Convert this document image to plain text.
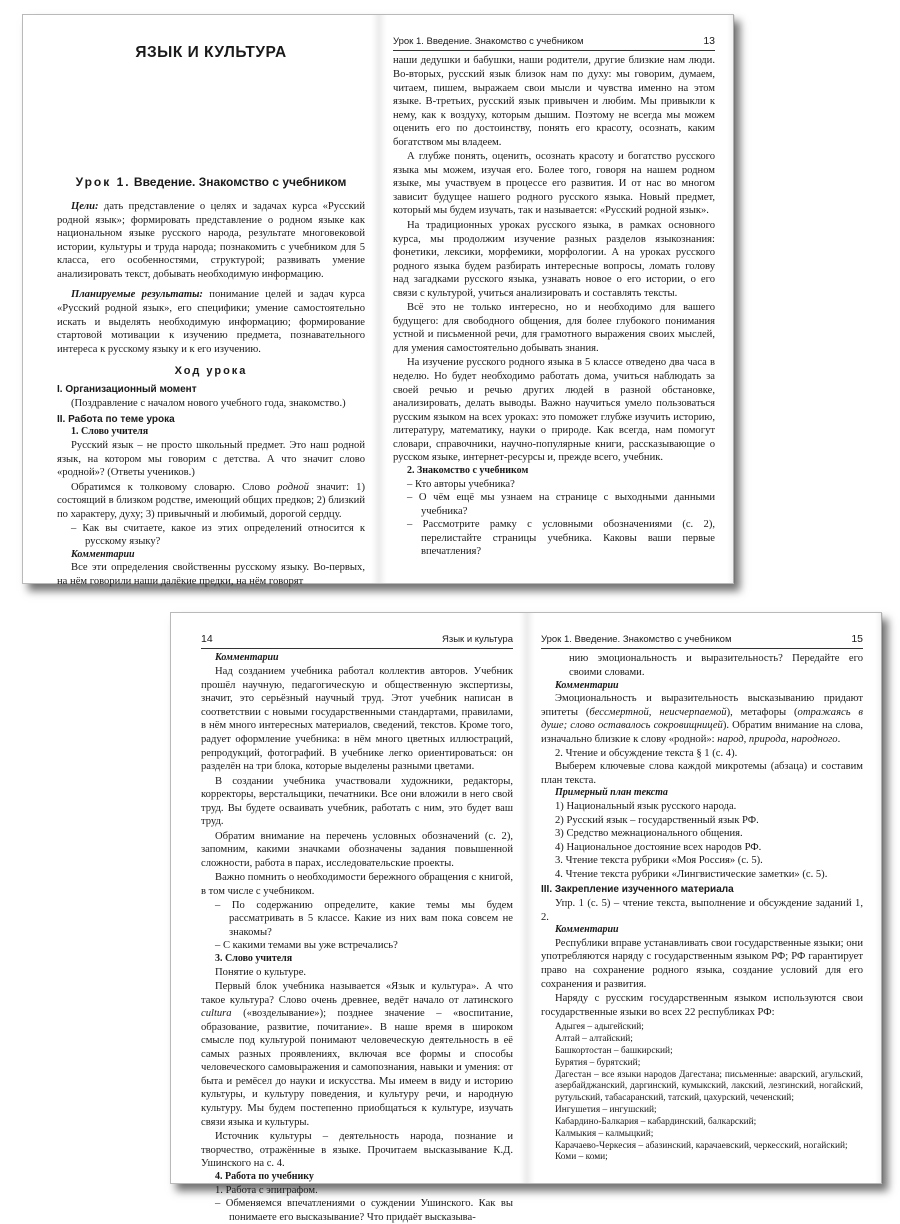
ЯЗЫК И КУЛЬТУРА
Урок 1. Введение. Знакомство с учебником

Цели: дать представление о целях и задачах курса «Русский родной язык»; формировать представление о родном языке как национальном языке русского народа, результате многовековой истории, культуры и труда народа; познакомить с учебником для 5 класса, его особенностями, структурой; развивать умение анализировать текст, добывать необходимую информацию.

Планируемые результаты: понимание целей и задач курса «Русский родной язык», его специфики; умение самостоятельно искать и выделять необходимую информацию; формирование стартовой мотивации к изучению предмета, познавательного интереса к русскому языку и к его изучению.

Ход урока
I. Организационный момент

(Поздравление с началом нового учебного года, знакомство.)

II. Работа по теме урока
1. Слово учителя

Русский язык – не просто школьный предмет. Это наш родной язык, на котором мы говорим с детства. А что значит слово «родной»? (Ответы учеников.)

Обратимся к толковому словарю. Слово родной значит: 1) состоящий в близком родстве, имеющий общих предков; 2) близкий по характеру, духу; 3) привычный и любимый, дорогой сердцу.

– Как вы считаете, какое из этих определений относится к русскому языку?

Комментарии

Все эти определения свойственны русскому языку. Во-первых, на нём говорили наши далёкие предки, на нём говорят

Урок 1. Введение. Знакомство с учебником	13

наши дедушки и бабушки, наши родители, другие близкие нам люди. Во-вторых, русский язык близок нам по духу: мы говорим, думаем, читаем, пишем, выражаем свои мысли и чувства именно на этом языке. В-третьих, русский язык привычен и любим. Мы привыкли к нему, как к воздуху, которым дышим. Поэтому не всегда мы можем оценить его по достоинству, понять его красоту, осознать, каким богатством мы владеем.

А глубже понять, оценить, осознать красоту и богатство русского языка мы можем, изучая его. Более того, говоря на нашем родном языке, мы участвуем в процессе его развития. И от нас во многом зависит будущее нашего родного русского языка. Новый предмет, который мы будем изучать, так и называется: «Русский родной язык».

На традиционных уроках русского языка, в рамках основного курса, мы продолжим изучение разных разделов языкознания: фонетики, лексики, морфемики, морфологии. А на уроках русского родного языка будем разбирать интересные вопросы, ломать голову над загадками русского языка, узнавать новое о его истории, о его связи с культурой, учиться анализировать и составлять тексты.

Всё это не только интересно, но и необходимо для вашего будущего: для свободного общения, для более глубокого понимания устной и письменной речи, для грамотного выражения своих мыслей, для умения самостоятельно добывать знания.

На изучение русского родного языка в 5 классе отведено два часа в неделю. Но будет необходимо работать дома, учиться наблюдать за своей речью и речью других людей в разной обстановке, анализировать, делать выводы. Важно научиться умело пользоваться русским языком на всех уроках: это поможет глубже изучить историю, литературу, математику, науки о природе. Как всегда, нам помогут словари, справочники, научно-популярные книги, рассказывающие о русском языке, интернет-ресурсы и, прежде всего, учебник.

2. Знакомство с учебником

– Кто авторы учебника?

– О чём ещё мы узнаем на странице с выходными данными учебника?

– Рассмотрите рамку с условными обозначениями (с. 2), перелистайте страницы учебника. Каковы ваши первые впечатления?

14	Язык и культура
Комментарии

Над созданием учебника работал коллектив авторов. Учебник прошёл научную, педагогическую и общественную экспертизы, значит, это серьёзный научный труд. Этот учебник написан в соответствии с новыми государственными стандартами, правилами, в нём много интересных материалов, сведений, текстов. Кроме того, радует оформление учебника: в нём много цветных иллюстраций, репродукций, фотографий. В учебнике легко ориентироваться: он разделён на три блока, которые выделены разными цветами.

В создании учебника участвовали художники, редакторы, корректоры, верстальщики, печатники. Все они вложили в него свой труд. Вы будете осваивать учебник, работать с ним, это будет ваш труд.

Обратим внимание на перечень условных обозначений (с. 2), запомним, какими значками обозначены задания повышенной сложности, работа в парах, исследовательские проекты.

Важно помнить о необходимости бережного обращения с книгой, в том числе с учебником.

– По содержанию определите, какие темы мы будем рассматривать в 5 классе. Какие из них вам пока совсем не знакомы?

– С какими темами вы уже встречались?

3. Слово учителя

Понятие о культуре.

Первый блок учебника называется «Язык и культура». А что такое культура? Слово очень древнее, ведёт начало от латинского cultura («возделывание»); позднее значение – «воспитание, образование, развитие, почитание». В наше время в широком смысле под культурой понимают человеческую деятельность в её самых разных проявлениях, включая все формы и способы человеческого самовыражения и самопознания, навыки и умения: от быта и ремёсел до науки и искусства. Мы имеем в виду и историю культуры, и культуру поведения, и культуру речи, и народную культуру. Мы будем постепенно приобщаться к культуре, изучать связи языка и культуры.

Источник культуры – деятельность народа, познание и творчество, отражённые в языке. Прочитаем высказывание К.Д. Ушинского на с. 4.

4. Работа по учебнику
1. Работа с эпиграфом.

– Обменяемся впечатлениями о суждении Ушинского. Как вы понимаете его высказывание? Что придаёт высказыва-

Урок 1. Введение. Знакомство с учебником	15

нию эмоциональность и выразительность? Передайте его своими словами.

Комментарии

Эмоциональность и выразительность высказыванию придают эпитеты (бессмертной, неисчерпаемой), метафоры (отражаясь в душе; слово оставалось сокровищницей). Обратим внимание на слова, изначально близкие к слову «родной»: народ, природа, народного.

2. Чтение и обсуждение текста § 1 (с. 4).

Выберем ключевые слова каждой микротемы (абзаца) и составим план текста.

Примерный план текста
1) Национальный язык русского народа.
2) Русский язык – государственный язык РФ.
3) Средство межнационального общения.
4) Национальное достояние всех народов РФ.
3. Чтение текста рубрики «Моя Россия» (с. 5).
4. Чтение текста рубрики «Лингвистические заметки» (с. 5).
III. Закрепление изученного материала

Упр. 1 (с. 5) – чтение текста, выполнение и обсуждение заданий 1, 2.

Комментарии

Республики вправе устанавливать свои государственные языки; они употребляются наряду с государственным языком РФ; РФ гарантирует право на сохранение родного языка, создание условий для его сохранения и развития.

Наряду с русским государственным языком используются свои государственные языки во всех 22 республиках РФ:

Адыгея – адыгейский;
Алтай – алтайский;
Башкортостан – башкирский;
Бурятия – бурятский;
Дагестан – все языки народов Дагестана; письменные: аварский, агульский, азербайджанский, даргинский, кумыкский, лакский, лезгинский, ногайский, рутульский, табасаранский, татский, цахурский, чеченский;
Ингушетия – ингушский;
Кабардино-Балкария – кабардинский, балкарский;
Калмыкия – калмыцкий;
Карачаево-Черкесия – абазинский, карачаевский, черкесский, ногайский;
Коми – коми;
